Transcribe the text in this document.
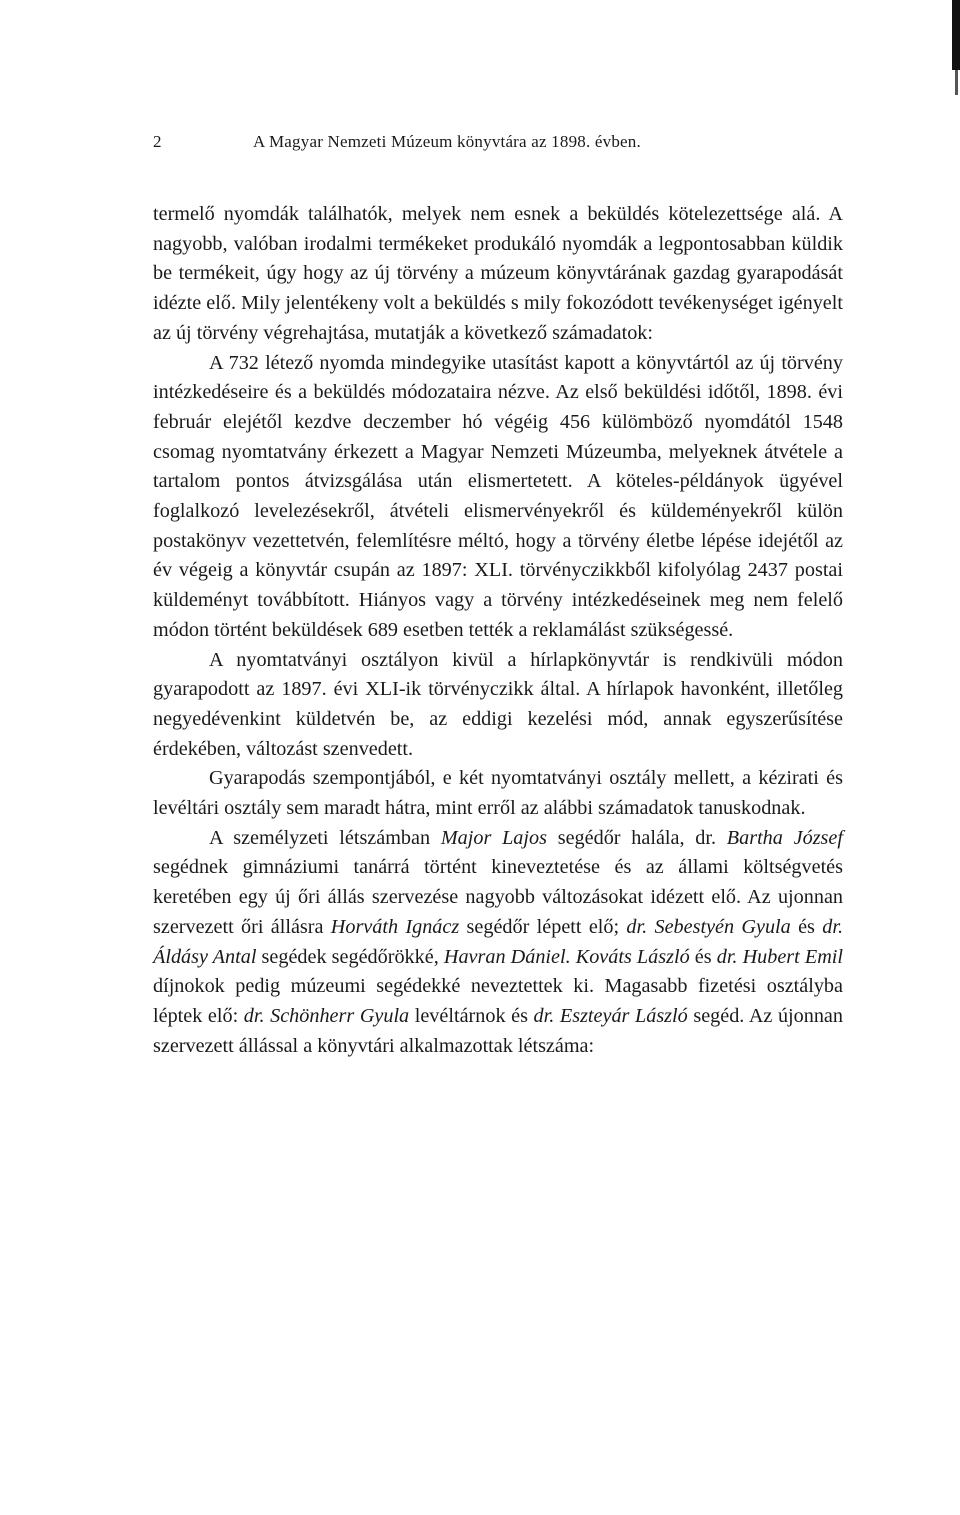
2	A Magyar Nemzeti Múzeum könyvtára az 1898. évben.

termelő nyomdák találhatók, melyek nem esnek a beküldés kötelezettsége alá. A nagyobb, valóban irodalmi termékeket produkáló nyomdák a legpontosabban küldik be termékeit, úgy hogy az új törvény a múzeum könyvtárának gazdag gyarapodását idézte elő. Mily jelentékeny volt a beküldés s mily fokozódott tevékenységet igényelt az új törvény végrehajtása, mutatják a következő számadatok:

A 732 létező nyomda mindegyike utasítást kapott a könyvtártól az új törvény intézkedéseire és a beküldés módozataira nézve. Az első beküldési időtől, 1898. évi február elejétől kezdve deczember hó végéig 456 külömböző nyomdától 1548 csomag nyomtatvány érkezett a Magyar Nemzeti Múzeumba, melyeknek átvétele a tartalom pontos átvizsgálása után elismertetett. A köteles-példányok ügyével foglalkozó levelezésekről, átvételi elismervényekről és küldeményekről külön postakönyv vezettetvén, felemlítésre méltó, hogy a törvény életbe lépése idejétől az év végeig a könyvtár csupán az 1897: XLI. törvényczikkből kifolyólag 2437 postai küldeményt továbbított. Hiányos vagy a törvény intézkedéseinek meg nem felelő módon történt beküldések 689 esetben tették a reklamálást szükségessé.

A nyomtatványi osztályon kivül a hírlapkönyvtár is rendkivüli módon gyarapodott az 1897. évi XLI-ik törvényczikk által. A hírlapok havonként, illetőleg negyedévenkint küldetvén be, az eddigi kezelési mód, annak egyszerűsítése érdekében, változást szenvedett.

Gyarapodás szempontjából, e két nyomtatványi osztály mellett, a kézirati és levéltári osztály sem maradt hátra, mint erről az alábbi számadatok tanuskodnak.

A személyzeti létszámban Major Lajos segédőr halála, dr. Bartha József segédnek gimnáziumi tanárrá történt kineveztetése és az állami költségvetés keretében egy új őri állás szervezése nagyobb változásokat idézett elő. Az ujonnan szervezett őri állásra Horváth Ignácz segédőr lépett elő; dr. Sebestyén Gyula és dr. Áldásy Antal segédek segédőrökké, Havran Dániel. Kováts László és dr. Hubert Emil díjnokok pedig múzeumi segédekké neveztettek ki. Magasabb fizetési osztályba léptek elő: dr. Schönherr Gyula levéltárnok és dr. Eszteyár László segéd. Az újonnan szervezett állással a könyvtári alkalmazottak létszáma:
